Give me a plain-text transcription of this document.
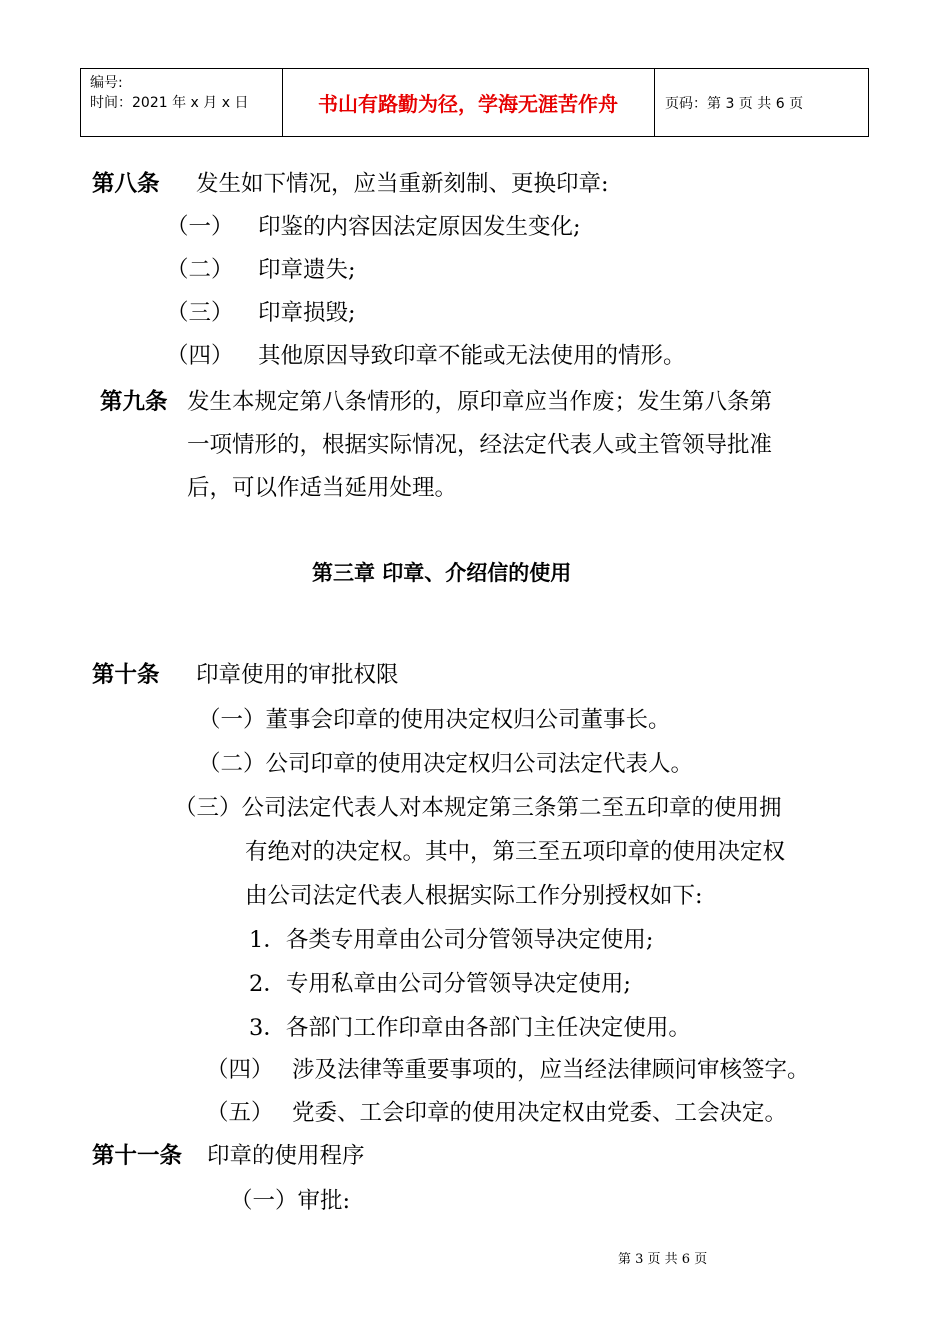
编号:
时间：2021 年 x 月 x 日	书山有路勤为径，学海无涯苦作舟	页码：第 3 页 共 6 页
第八条 发生如下情况，应当重新刻制、更换印章:
（一） 印鉴的内容因法定原因发生变化;
（二） 印章遗失;
（三） 印章损毁;
（四） 其他原因导致印章不能或无法使用的情形。
第九条 发生本规定第八条情形的，原印章应当作废；发生第八条第
一项情形的，根据实际情况，经法定代表人或主管领导批准
后，可以作适当延用处理。
第三章 印章、介绍信的使用
第十条 印章使用的审批权限
（一）董事会印章的使用决定权归公司董事长。
（二）公司印章的使用决定权归公司法定代表人。
（三）公司法定代表人对本规定第三条第二至五印章的使用拥
有绝对的决定权。其中，第三至五项印章的使用决定权
由公司法定代表人根据实际工作分别授权如下:
1．各类专用章由公司分管领导决定使用;
2．专用私章由公司分管领导决定使用;
3．各部门工作印章由各部门主任决定使用。
（四） 涉及法律等重要事项的，应当经法律顾问审核签字。
（五） 党委、工会印章的使用决定权由党委、工会决定。
第十一条 印章的使用程序
（一）审批:
第 3 页 共 6 页
